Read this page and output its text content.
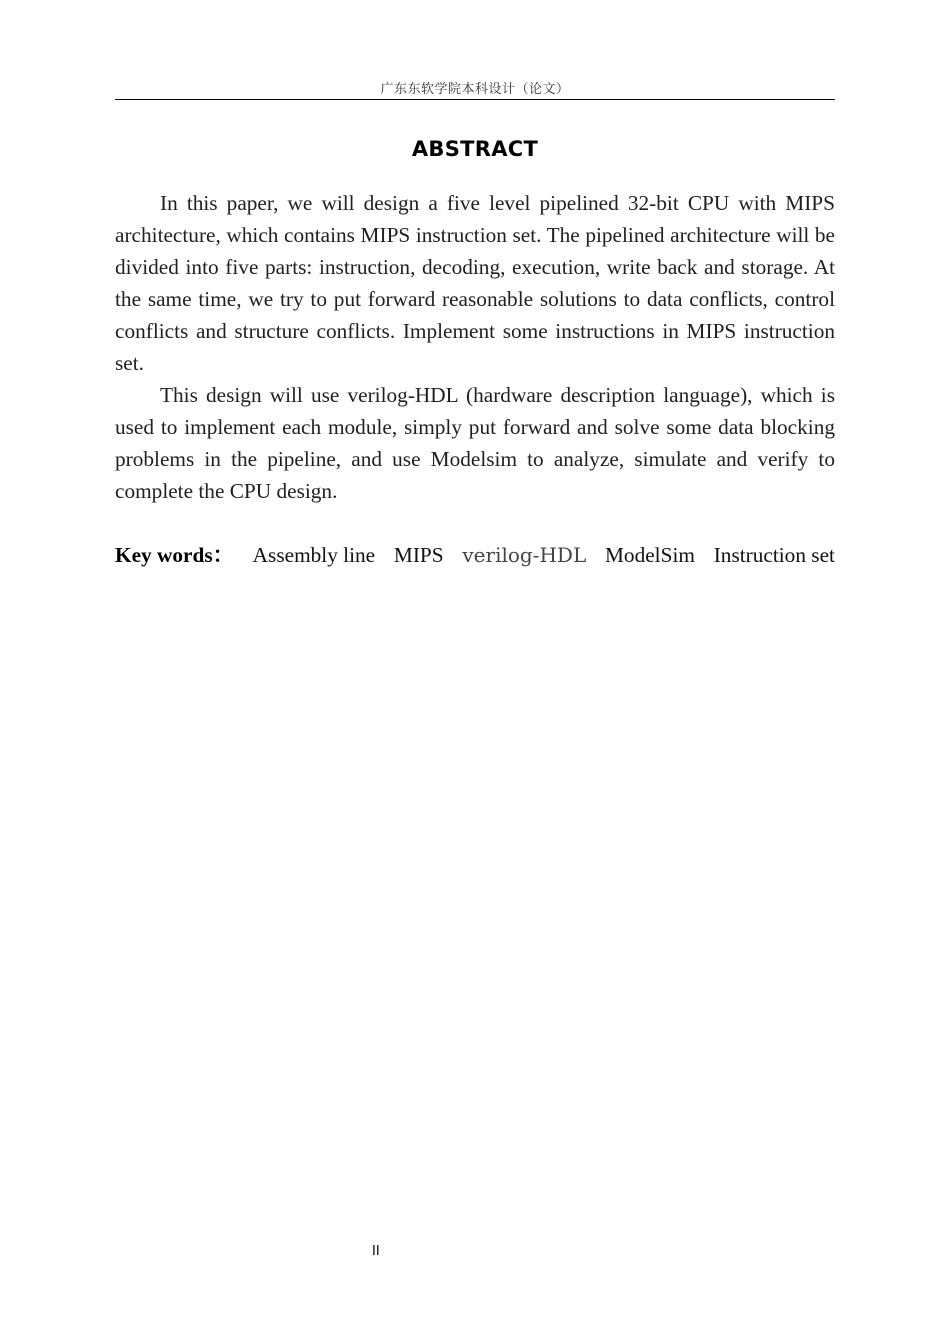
广东东软学院本科设计（论文）
ABSTRACT

In this paper, we will design a five level pipelined 32-bit CPU with MIPS architecture, which contains MIPS instruction set. The pipelined architecture will be divided into five parts: instruction, decoding, execution, write back and storage. At the same time, we try to put forward reasonable solutions to data conflicts, control conflicts and structure conflicts. Implement some instructions in MIPS instruction set.

This design will use verilog-HDL (hardware description language), which is used to implement each module, simply put forward and solve some data blocking problems in the pipeline, and use Modelsim to analyze, simulate and verify to complete the CPU design.

Key words： Assembly line MIPS verilog-HDL ModelSim Instruction set
II
